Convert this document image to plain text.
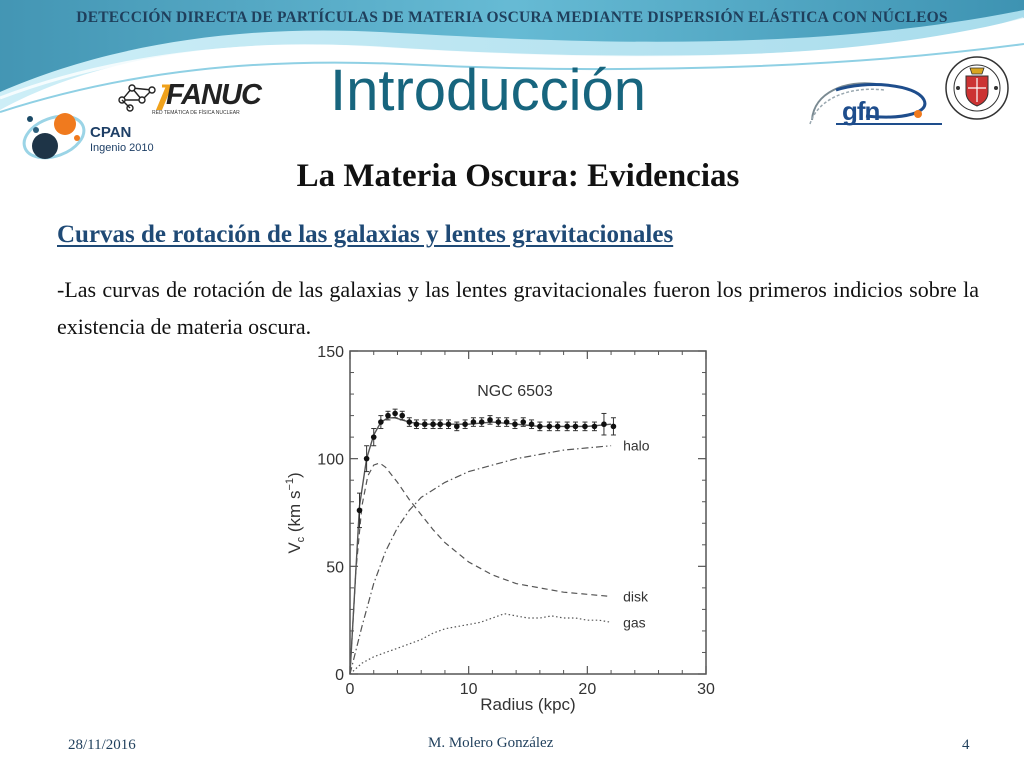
DETECCIÓN DIRECTA DE PARTÍCULAS DE MATERIA OSCURA MEDIANTE DISPERSIÓN ELÁSTICA CON NÚCLEOS
Introducción
FANUC
RED TEMÁTICA DE FÍSICA NUCLEAR
CPAN
Ingenio 2010
gfn
La Materia Oscura: Evidencias
Curvas de rotación de las galaxias y lentes gravitacionales
-Las curvas de rotación de las galaxias y las lentes gravitacionales fueron los primeros indicios sobre la existencia de materia oscura.
0	10	20	30
0
50
100
150
halo
disk
gas
NGC 6503
Radius (kpc)
$V_c$ (km $s^{-1}$)
28/11/2016	M. Molero González	4
